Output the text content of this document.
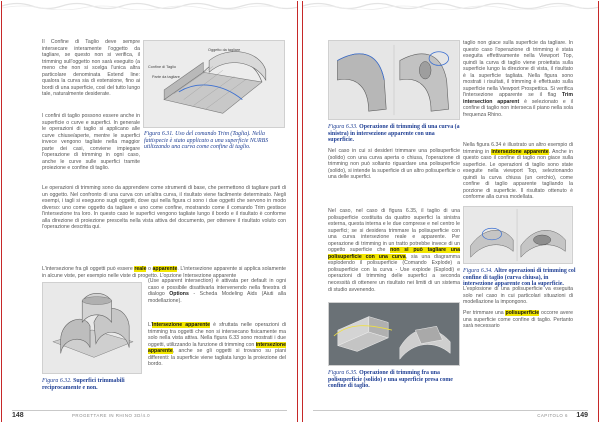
Il Confine di Taglio deve sempre intersecare interamente l'oggetto da tagliare, se questo non si verifica, il trimming sull'oggetto non sarà eseguito (a meno che non si scelga l'unica altra particolare denominata Extend line: qualora la curva sia di estensione, fino ai bordi di una superficie, così del tutto lungo tale, naturalmente desiderate.

Oggetto da tagliare
Confine di Taglio
Parte da tagliare

I confini di taglio possono essere anche in superficie o curve e superfici. In generale le operazioni di taglio si applicano alle curve chiuse/aperte, mentre le superfici invece vengono tagliate nella maggior parte dei casi, conviene impiegare l'operazione di trimming in ogni caso, anche le curve sulle superfici tramite proiezione e confine di taglio.

Figura 6.31. Uso del comando Trim (Taglia). Nella fattispecie è stato applicato a una superficie NURBS utilizzando una curva come confine di taglio.

Le operazioni di trimming sono da apprendere come strumenti di base, che permettono di tagliare parti di un oggetto. Nel confronto di una curva con un'altra curva, il risultato viene facilmente determinato. Negli esempi, i tagli si eseguono sugli oggetti, dove qui nella figura ci sono i due oggetti che servono in modo diverso: uno come oggetto da tagliare e uno come confine, mostrando come il comando Trim gestisce l'intersezione tra loro. In questo caso le superfici vengono tagliate lungo il bordo e il risultato è conforme alla direzione di proiezione prescelta nella vista attiva del documento, per ottenere il risultato voluto con l'operazione descritta qui.

L'intersezione fra gli oggetti può essere reale o apparente. L'intersezione apparente si applica solamente in alcune viste, per esempio nelle viste di progetto. L'opzione Intersezione apparente

(Use apparent intersection) è attivata per default in ogni caso e possibile disattivarla intervenendo nella finestra di dialogo Options - Scheda Modeling Aids (Aiuti alla modellazione).

L'Intersezione apparente è sfruttata nelle operazioni di trimming tra oggetti che non si intersecano fisicamente ma solo nella vista attiva. Nella figura 6.33 sono mostrati i due oggetti, utilizzando la funzione di trimming con intersezione apparente, anche se gli oggetti si trovano su piani differenti: la superficie viene tagliata lungo la proiezione del bordo.

Figura 6.32. Superfici trimmabili reciprocamente e non.

148	PROGETTARE IN RHINO 3D/4.0

taglio non giace sulla superficie da tagliare. In questo caso l'operazione di trimming è stata eseguita effettivamente nella Viewport Top, quindi la curva di taglio viene proiettata sulla superficie lungo la direzione di vista, il risultato è la superficie tagliata. Nella figura sono mostrati i risultati, il trimming è effettuato sulla superficie nella Viewport Prospettica. Si verifica l'intersezione apparente se il flag Trim intersection apparent è selezionato e il confine di taglio non interseca il piano nella sola frequenza Rhino.

Figura 6.33. Operazione di trimming di una curva (a sinistra) in intersezione apparente con una superficie.

Nella figura 6.34 è illustrato un altro esempio di trimming in intersezione apparente. Anche in questo caso il confine di taglio non giace sulla superficie. Le operazioni di taglio sono state eseguite nella viewport Top, selezionando quindi la curva chiusa (un cerchio), come confine di taglio apparente tagliando la porzione di superficie. Il risultato ottenuto è conforme alla curva modellata.

Nel caso in cui si desideri trimmare una polisuperficie (solido) con una curva aperta o chiusa, l'operazione di trimming non può soltanto riguardare una polisuperficie (solido), si intende la superficie di un altro polisuperficie o una delle superfici.

Figura 6.34. Altre operazioni di trimming col confine di taglio (curva chiusa), in intersezione apparente con la superficie.

Nel caso, nel caso di figura 6.35, il taglio di una polisuperficie costituita da quattro superfici la sinistra esterna, questa interna e le due comprese e nel centro le superfici; se si desidera trimmare la polisuperficie con una curva intersezione reale e apparente. Per operazione di trimming in un tratto potrebbe invece di un oggetto superficie che non si può tagliare una polisuperficie con una curva, sia una diagramma esplodendo il polisuperficie (Comando Explode) a polisuperficie con la curva - Use explode (Esplodi) e operazioni di trimming delle superfici a seconda necessità di ottenere un risultato nei limiti di un sistema di studio avvenendo.	L'esplosione di una polisuperficie va eseguita solo nel caso in cui particolari situazioni di modellazione la impongono.

Per trimmare una polisuperficie occorre avere una superficie come confine di taglio. Pertanto sarà necessario

Figura 6.35. Operazione di trimming fra una polisuperficie (solido) e una superficie presa come confine di taglio.

CAPITOLO 6 149
